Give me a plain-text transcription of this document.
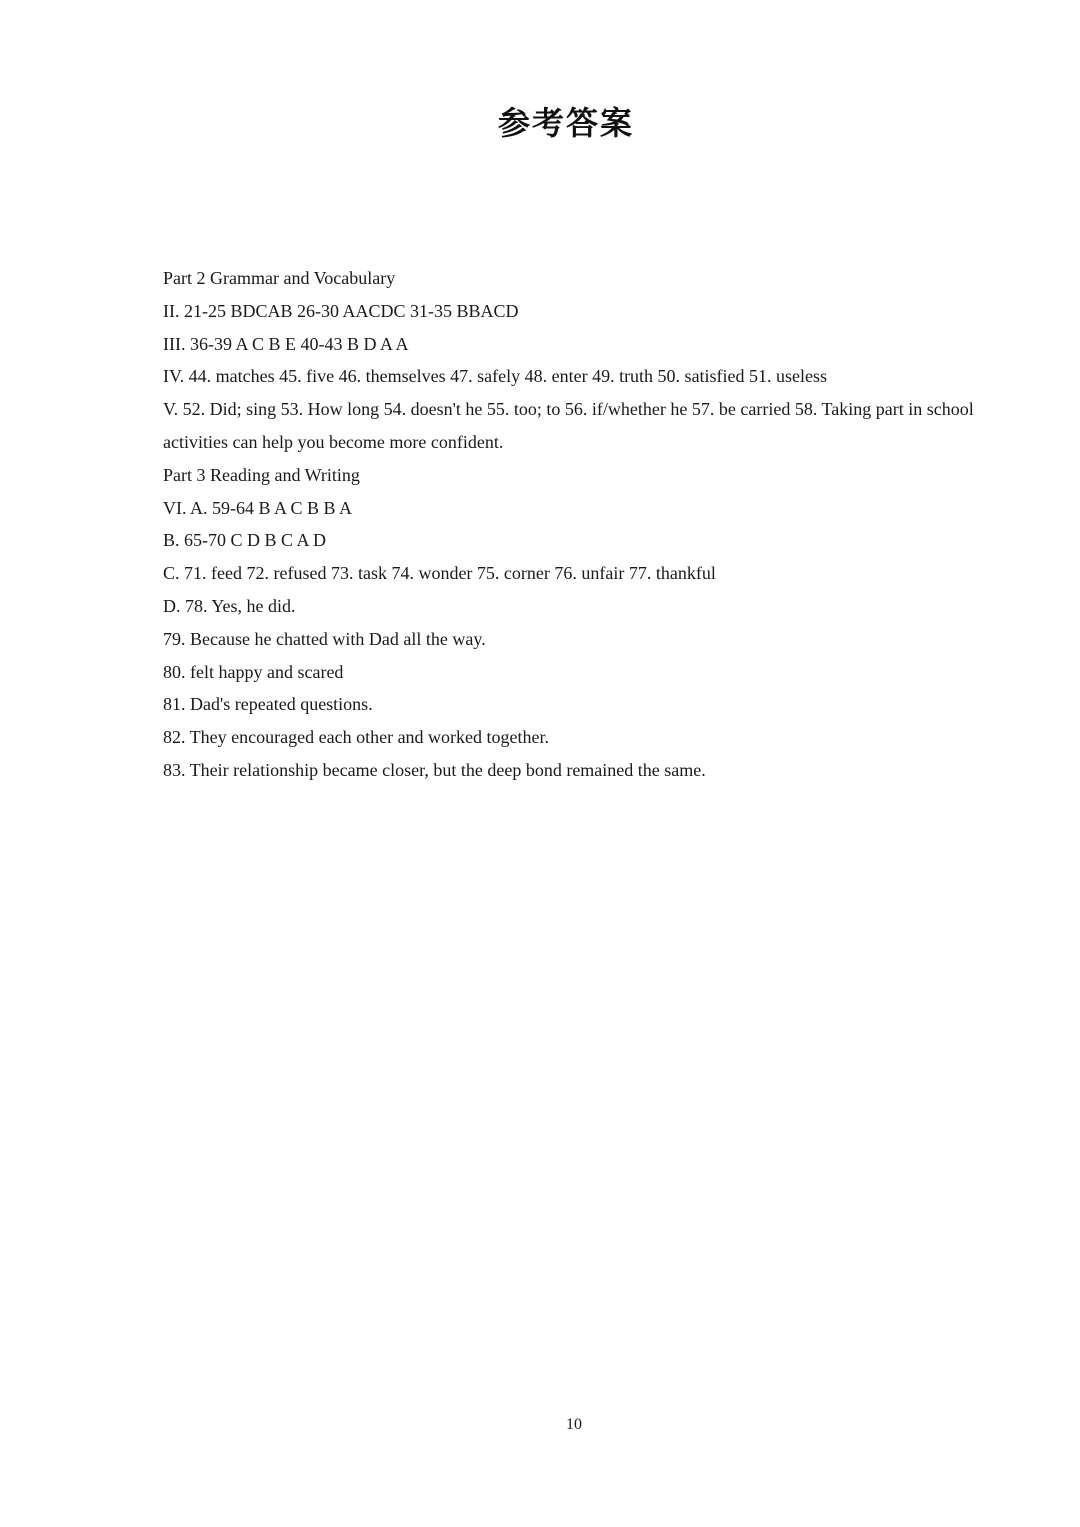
参考答案

Part 2 Grammar and Vocabulary

II. 21-25 BDCAB 26-30 AACDC 31-35 BBACD

III. 36-39 A C B E 40-43 B D A A

IV. 44. matches 45. five 46. themselves 47. safely 48. enter 49. truth 50. satisfied 51. useless

V. 52. Did; sing 53. How long 54. doesn't he 55. too; to 56. if/whether he 57. be carried 58. Taking part in school activities can help you become more confident.

Part 3 Reading and Writing

VI. A. 59-64 B A C B B A

B. 65-70 C D B C A D

C. 71. feed 72. refused 73. task 74. wonder 75. corner 76. unfair 77. thankful

D. 78. Yes, he did.

79. Because he chatted with Dad all the way.

80. felt happy and scared

81. Dad's repeated questions.

82. They encouraged each other and worked together.

83. Their relationship became closer, but the deep bond remained the same.

10
